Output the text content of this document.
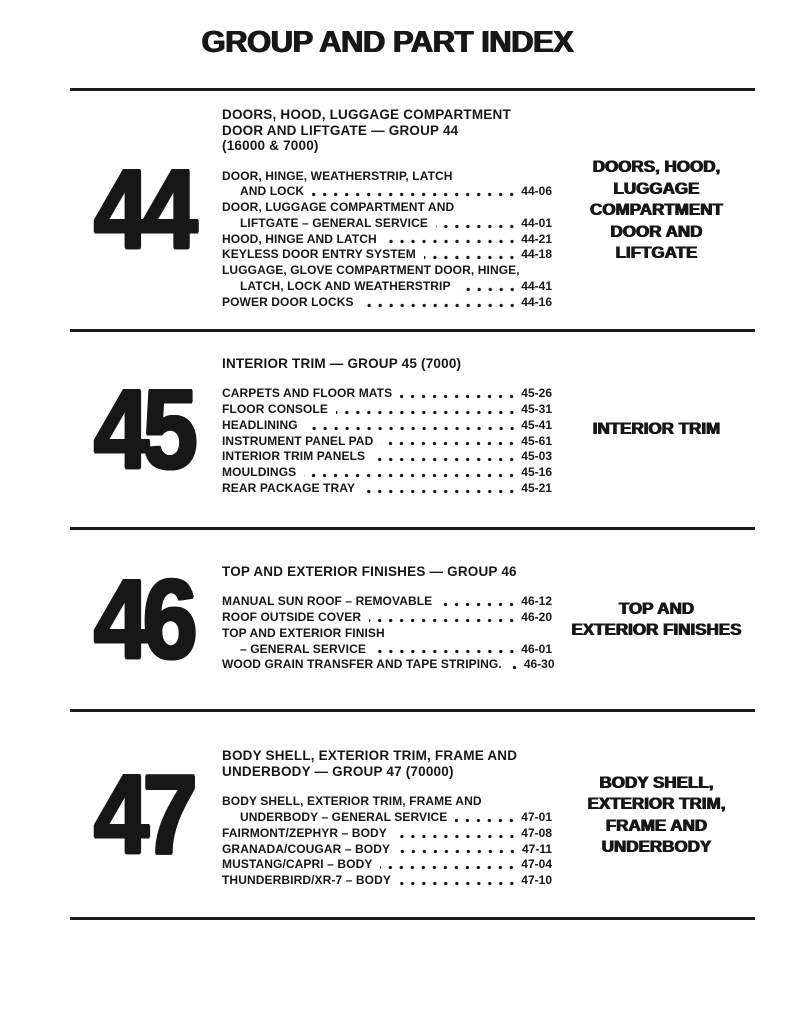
GROUP AND PART INDEX
44
DOORS, HOOD, LUGGAGE COMPARTMENT
DOOR AND LIFTGATE — GROUP 44
(16000 & 7000)
DOOR, HINGE, WEATHERSTRIP, LATCH
AND LOCK	44-06
DOOR, LUGGAGE COMPARTMENT AND
LIFTGATE – GENERAL SERVICE	44-01
HOOD, HINGE AND LATCH	44-21
KEYLESS DOOR ENTRY SYSTEM	44-18
LUGGAGE, GLOVE COMPARTMENT DOOR, HINGE,
LATCH, LOCK AND WEATHERSTRIP	44-41
POWER DOOR LOCKS	44-16
DOORS, HOOD,
LUGGAGE
COMPARTMENT
DOOR AND
LIFTGATE
45
INTERIOR TRIM — GROUP 45 (7000)
CARPETS AND FLOOR MATS	45-26
FLOOR CONSOLE	45-31
HEADLINING	45-41
INSTRUMENT PANEL PAD	45-61
INTERIOR TRIM PANELS	45-03
MOULDINGS	45-16
REAR PACKAGE TRAY	45-21
INTERIOR TRIM
46	TOP AND EXTERIOR FINISHES — GROUP 46
MANUAL SUN ROOF – REMOVABLE	46-12
ROOF OUTSIDE COVER	46-20
TOP AND EXTERIOR FINISH
– GENERAL SERVICE	46-01
WOOD GRAIN TRANSFER AND TAPE STRIPING. 46-30
TOP AND
EXTERIOR FINISHES
47	BODY SHELL, EXTERIOR TRIM, FRAME AND
UNDERBODY — GROUP 47 (70000)
BODY SHELL, EXTERIOR TRIM, FRAME AND
UNDERBODY – GENERAL SERVICE	47-01
FAIRMONT/ZEPHYR – BODY	47-08
GRANADA/COUGAR – BODY	47-11
MUSTANG/CAPRI – BODY	47-04
THUNDERBIRD/XR-7 – BODY	47-10
BODY SHELL,
EXTERIOR TRIM,
FRAME AND
UNDERBODY
